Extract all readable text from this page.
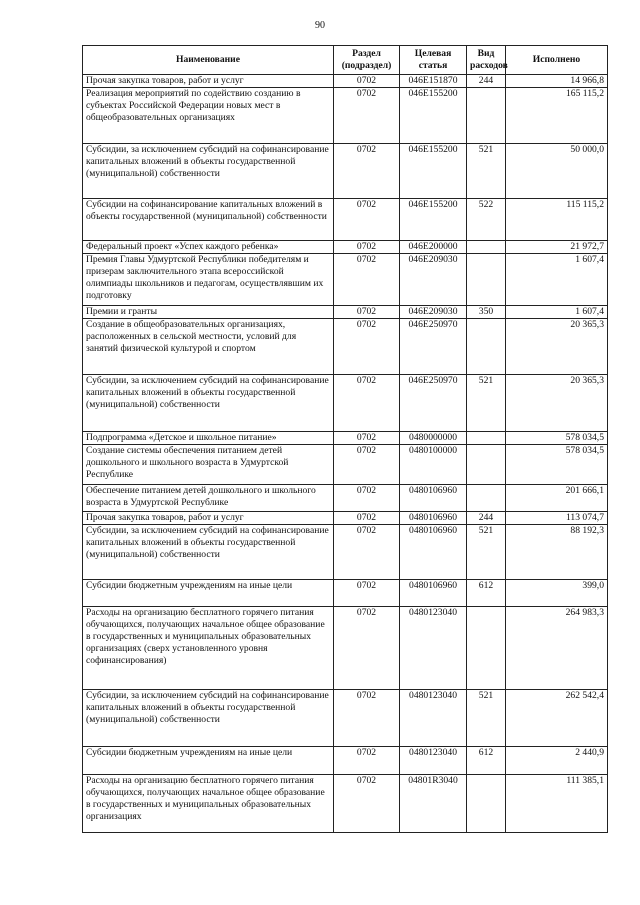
90
Наименование	Раздел (подраздел)	Целевая статья	Вид расходов	Исполнено
Прочая закупка товаров, работ и услуг	0702	046E151870	244	14 966,8
Реализация мероприятий по содействию созданию в субъектах Российской Федерации новых мест в общеобразовательных организациях	0702	046E155200		165 115,2
Субсидии, за исключением субсидий на софинансирование капитальных вложений в объекты государственной (муниципальной) собственности	0702	046E155200	521	50 000,0
Субсидии на софинансирование капитальных вложений в объекты государственной (муниципальной) собственности	0702	046E155200	522	115 115,2
Федеральный проект «Успех каждого ребенка»	0702	046E200000		21 972,7
Премия Главы Удмуртской Республики победителям и призерам заключительного этапа всероссийской олимпиады школьников и педагогам, осуществлявшим их подготовку	0702	046E209030		1 607,4
Премии и гранты	0702	046E209030	350	1 607,4
Создание в общеобразовательных организациях, расположенных в сельской местности, условий для занятий физической культурой и спортом	0702	046E250970		20 365,3
Субсидии, за исключением субсидий на софинансирование капитальных вложений в объекты государственной (муниципальной) собственности	0702	046E250970	521	20 365,3
Подпрограмма «Детское и школьное питание»	0702	0480000000		578 034,5
Создание системы обеспечения питанием детей дошкольного и школьного возраста в Удмуртской Республике	0702	0480100000		578 034,5
Обеспечение питанием детей дошкольного и школьного возраста в Удмуртской Республике	0702	0480106960		201 666,1
Прочая закупка товаров, работ и услуг	0702	0480106960	244	113 074,7
Субсидии, за исключением субсидий на софинансирование капитальных вложений в объекты государственной (муниципальной) собственности	0702	0480106960	521	88 192,3
Субсидии бюджетным учреждениям на иные цели	0702	0480106960	612	399,0
Расходы на организацию бесплатного горячего питания обучающихся, получающих начальное общее образование в государственных и муниципальных образовательных организациях (сверх установленного уровня софинансирования)	0702	0480123040		264 983,3
Субсидии, за исключением субсидий на софинансирование капитальных вложений в объекты государственной (муниципальной) собственности	0702	0480123040	521	262 542,4
Субсидии бюджетным учреждениям на иные цели	0702	0480123040	612	2 440,9
Расходы на организацию бесплатного горячего питания обучающихся, получающих начальное общее образование в государственных и муниципальных образовательных организациях	0702	04801R3040		111 385,1
